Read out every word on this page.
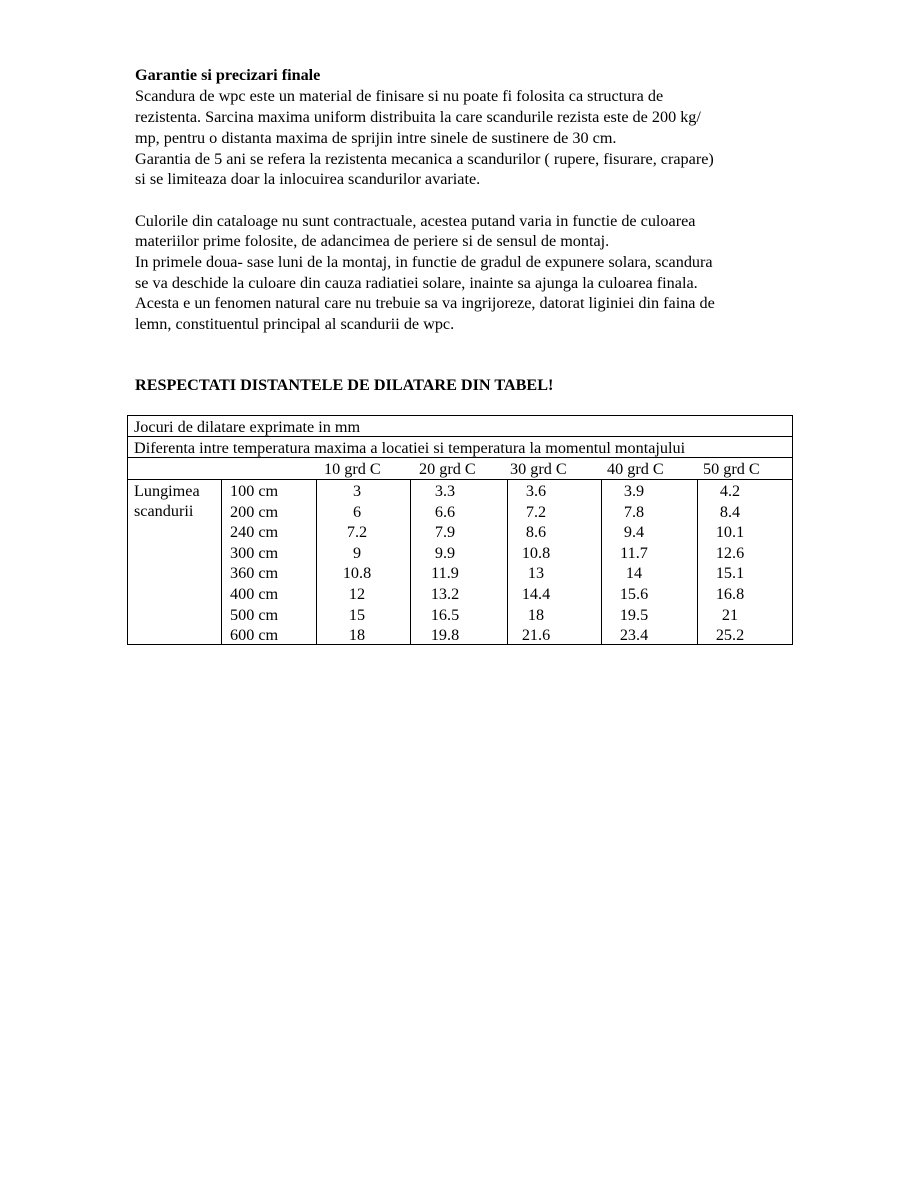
Garantie si precizari finale
Scandura de wpc este un material de finisare si nu poate fi folosita ca structura de
rezistenta. Sarcina maxima uniform distribuita la care scandurile rezista este de 200 kg/
mp, pentru o distanta maxima de sprijin intre sinele de sustinere de 30 cm.
Garantia de 5 ani se refera la rezistenta mecanica a scandurilor ( rupere, fisurare, crapare)
si se limiteaza doar la inlocuirea scandurilor avariate.
Culorile din cataloage nu sunt contractuale, acestea putand varia in functie de culoarea
materiilor prime folosite, de adancimea de periere si de sensul de montaj.
In primele doua- sase luni de la montaj, in functie de gradul de expunere solara, scandura
se va deschide la culoare din cauza radiatiei solare, inainte sa ajunga la culoarea finala.
Acesta e un fenomen natural care nu trebuie sa va ingrijoreze, datorat liginiei din faina de
lemn, constituentul principal al scandurii de wpc.
RESPECTATI DISTANTELE DE DILATARE DIN TABEL!
Jocuri de dilatare exprimate in mm
Diferenta intre temperatura maxima a locatiei si temperatura la momentul montajului
10 grd C 20 grd C 30 grd C 40 grd C 50 grd C
Lungimea
scandurii
100 cm	3	3.3	3.6	3.9	4.2
200 cm	6	6.6	7.2	7.8	8.4
240 cm	7.2	7.9	8.6	9.4	10.1
300 cm	9	9.9	10.8	11.7	12.6
360 cm	10.8	11.9	13	14	15.1
400 cm	12	13.2	14.4	15.6	16.8
500 cm	15	16.5	18	19.5	21
600 cm	18	19.8	21.6	23.4	25.2
